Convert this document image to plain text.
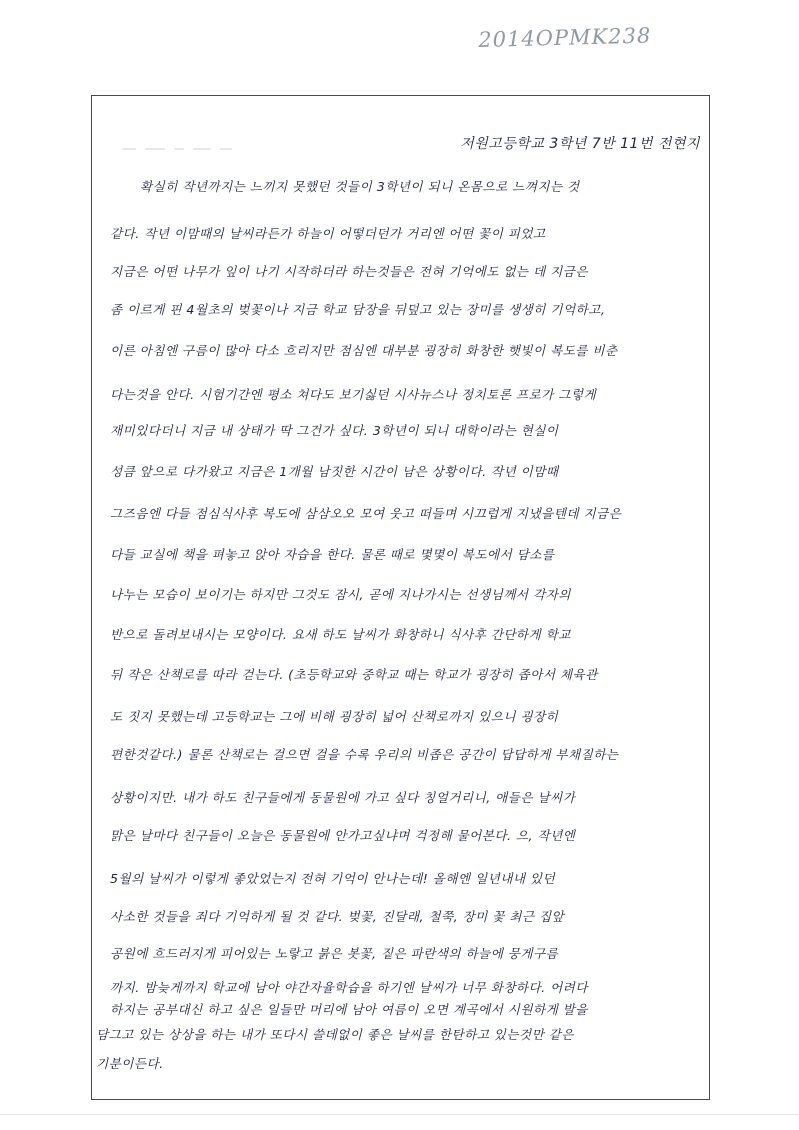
2014OPMK238
저원고등학교 3학년 7반 11번 전현지
확실히 작년까지는 느끼지 못했던 것들이 3학년이 되니 온몸으로 느껴지는 것
같다. 작년 이맘때의 날씨라든가 하늘이 어떻더던가 거리엔 어떤 꽃이 피었고
지금은 어떤 나무가 잎이 나기 시작하더라 하는것들은 전혀 기억에도 없는 데 지금은
좀 이르게 핀 4월초의 벚꽃이나 지금 학교 담장을 뒤덮고 있는 장미를 생생히 기억하고,
이른 아침엔 구름이 많아 다소 흐리지만 점심엔 대부분 굉장히 화창한 햇빛이 복도를 비춘
다는것을 안다. 시험기간엔 평소 쳐다도 보기싫던 시사뉴스나 정치토론 프로가 그렇게
재미있다더니 지금 내 상태가 딱 그건가 싶다. 3학년이 되니 대학이라는 현실이
성큼 앞으로 다가왔고 지금은 1개월 남짓한 시간이 남은 상황이다. 작년 이맘때
그즈음엔 다들 점심식사후 복도에 삼삼오오 모여 웃고 떠들며 시끄럽게 지냈을텐데 지금은
다들 교실에 책을 펴놓고 앉아 자습을 한다. 물론 때로 몇몇이 복도에서 담소를
나누는 모습이 보이기는 하지만 그것도 잠시, 곧에 지나가시는 선생님께서 각자의
반으로 돌려보내시는 모양이다. 요새 하도 날씨가 화창하니 식사후 간단하게 학교
뒤 작은 산책로를 따라 걷는다. (초등학교와 중학교 때는 학교가 굉장히 좁아서 체육관
도 짓지 못했는데 고등학교는 그에 비해 굉장히 넓어 산책로까지 있으니 굉장히
편한것같다.) 물론 산책로는 걸으면 걸을 수록 우리의 비좁은 공간이 답답하게 부채질하는
상황이지만. 내가 하도 친구들에게 동물원에 가고 싶다 칭얼거리니, 애들은 날씨가
맑은 날마다 친구들이 오늘은 동물원에 안가고싶냐며 걱정해 물어본다. 으, 작년엔
5월의 날씨가 이렇게 좋았었는지 전혀 기억이 안나는데! 올해엔 일년내내 있던
사소한 것들을 죄다 기억하게 될 것 같다. 벚꽃, 진달래, 철쭉, 장미 꽃 최근 집앞
공원에 흐드러지게 피어있는 노랗고 붉은 봇꽃, 짙은 파란색의 하늘에 뭉게구름
까지. 밤늦게까지 학교에 남아 야간자율학습을 하기엔 날씨가 너무 화창하다. 어려다
하지는 공부대신 하고 싶은 일들만 머리에 남아 여름이 오면 계곡에서 시원하게 발을
담그고 있는 상상을 하는 내가 또다시 쓸데없이 좋은 날씨를 한탄하고 있는것만 같은
기분이든다.
